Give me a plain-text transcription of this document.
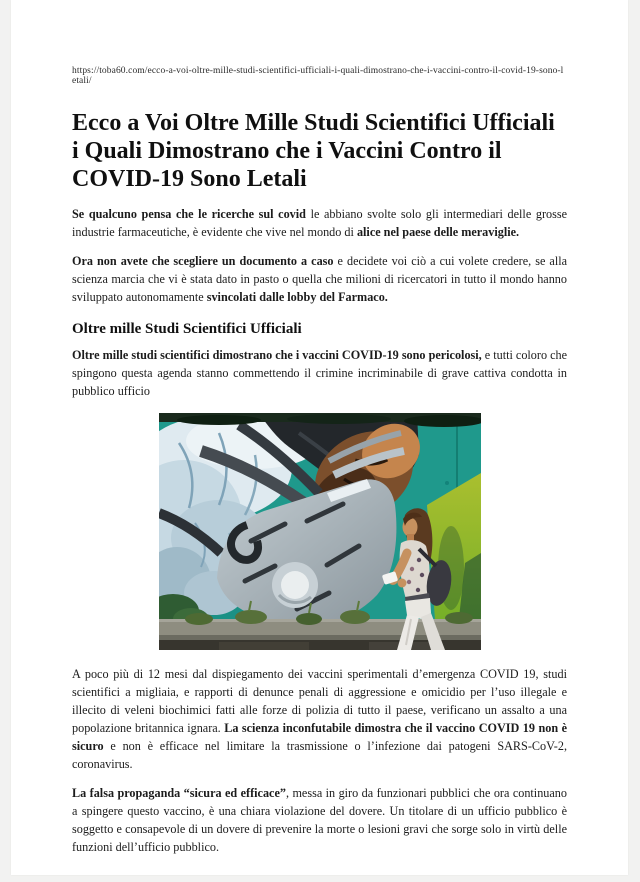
https://toba60.com/ecco-a-voi-oltre-mille-studi-scientifici-ufficiali-i-quali-dimostrano-che-i-vaccini-contro-il-covid-19-sono-letali/
Ecco a Voi Oltre Mille Studi Scientifici Ufficiali i Quali Dimostrano che i Vaccini Contro il COVID-19 Sono Letali

Se qualcuno pensa che le ricerche sul covid le abbiano svolte solo gli intermediari delle grosse industrie farmaceutiche, è evidente che vive nel mondo di alice nel paese delle meraviglie.

Ora non avete che scegliere un documento a caso e decidete voi ciò a cui volete credere, se alla scienza marcia che vi è stata dato in pasto o quella che milioni di ricercatori in tutto il mondo hanno sviluppato autonomamente svincolati dalle lobby del Farmaco.

Oltre mille Studi Scientifici Ufficiali

Oltre mille studi scientifici dimostrano che i vaccini COVID-19 sono pericolosi, e tutti coloro che spingono questa agenda stanno commettendo il crimine incriminabile di grave cattiva condotta in pubblico ufficio

A poco più di 12 mesi dal dispiegamento dei vaccini sperimentali d’emergenza COVID 19, studi scientifici a migliaia, e rapporti di denunce penali di aggressione e omicidio per l’uso illegale e illecito di veleni biochimici fatti alle forze di polizia di tutto il paese, verificano un assalto a una popolazione britannica ignara. La scienza inconfutabile dimostra che il vaccino COVID 19 non è sicuro e non è efficace nel limitare la trasmissione o l’infezione dai patogeni SARS-CoV-2, coronavirus.

La falsa propaganda “sicura ed efficace”, messa in giro da funzionari pubblici che ora continuano a spingere questo vaccino, è una chiara violazione del dovere. Un titolare di un ufficio pubblico è soggetto e consapevole di un dovere di prevenire la morte o lesioni gravi che sorge solo in virtù delle funzioni dell’ufficio pubblico.
